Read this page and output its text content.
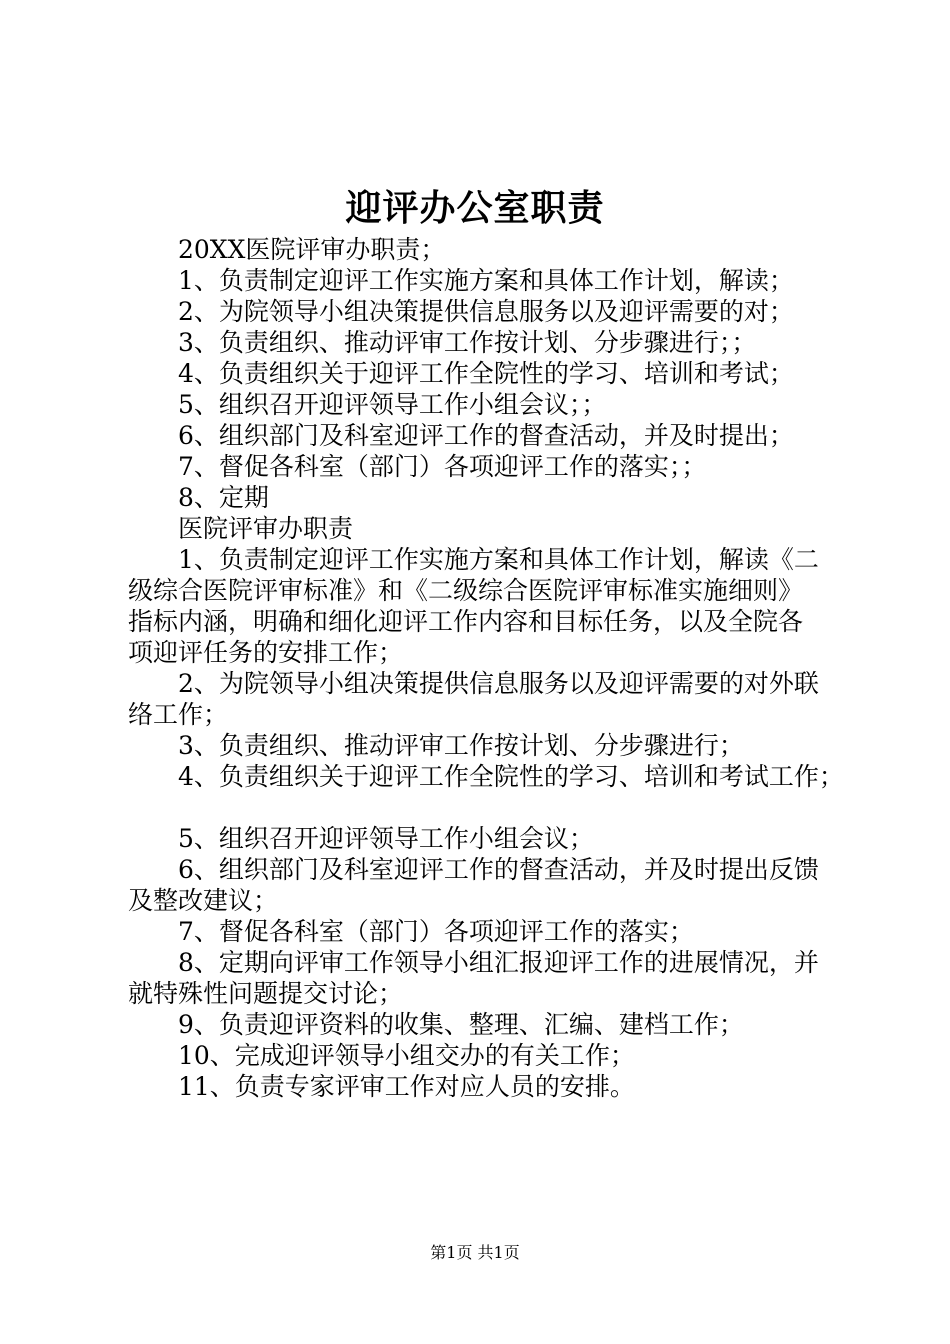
迎评办公室职责
20XX医院评审办职责；
1、负责制定迎评工作实施方案和具体工作计划，解读；
2、为院领导小组决策提供信息服务以及迎评需要的对；
3、负责组织、推动评审工作按计划、分步骤进行；；
4、负责组织关于迎评工作全院性的学习、培训和考试；
5、组织召开迎评领导工作小组会议；；
6、组织部门及科室迎评工作的督查活动，并及时提出；
7、督促各科室（部门）各项迎评工作的落实；；
8、定期
医院评审办职责
1、负责制定迎评工作实施方案和具体工作计划，解读《二
级综合医院评审标准》和《二级综合医院评审标准实施细则》
指标内涵，明确和细化迎评工作内容和目标任务，以及全院各
项迎评任务的安排工作；
2、为院领导小组决策提供信息服务以及迎评需要的对外联
络工作；
3、负责组织、推动评审工作按计划、分步骤进行；
4、负责组织关于迎评工作全院性的学习、培训和考试工作；
5、组织召开迎评领导工作小组会议；
6、组织部门及科室迎评工作的督查活动，并及时提出反馈
及整改建议；
7、督促各科室（部门）各项迎评工作的落实；
8、定期向评审工作领导小组汇报迎评工作的进展情况，并
就特殊性问题提交讨论；
9、负责迎评资料的收集、整理、汇编、建档工作；
10、完成迎评领导小组交办的有关工作；
11、负责专家评审工作对应人员的安排。
第1页 共1页
